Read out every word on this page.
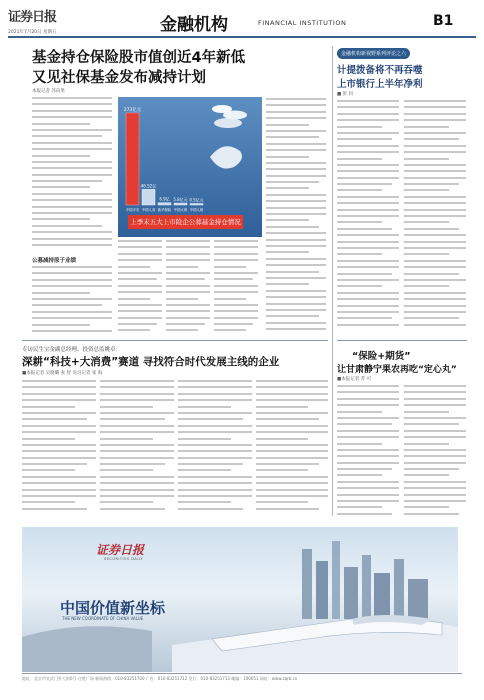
证券日报
2021年7月20日 星期五	金融机构	FINANCIAL INSTITUTION	B1
基金持仓保险股市值创近4年新低
又见社保基金发布减持计划
本报记者 苏向果
公募减持原于业绩
273亿元
中国平安
46.52亿
中国人寿
6.9亿
新华保险
5.8亿元
中国太保
0.5亿元
中国人保
上季末五大上市险企公募基金持仓情况
金融机构新视野系列评论之六
计提拨备将不再吞噬
上市银行上半年净利
■ 彭 钊
专访民生宝金副总经理、投资总监姚卓：
深耕“科技+大消费”赛道 寻找符合时代发展主线的企业
■本报记者 吴晓璐 张 智 见习记者 张 海
“保险+期货”
让甘肃静宁果农再吃“定心丸”
■本报记者 苏 可
证券日报
SECURITIES DAILY
中国价值新坐标
THE NEW COORDINATE OF CHINA VALUE
地址：北京市宣武门外大街6号·庄胜广场 新闻热线：010-83251700 广告：010-83251712 发行：010-83251713 邮编：100051 网址：www.zqrb.cn
